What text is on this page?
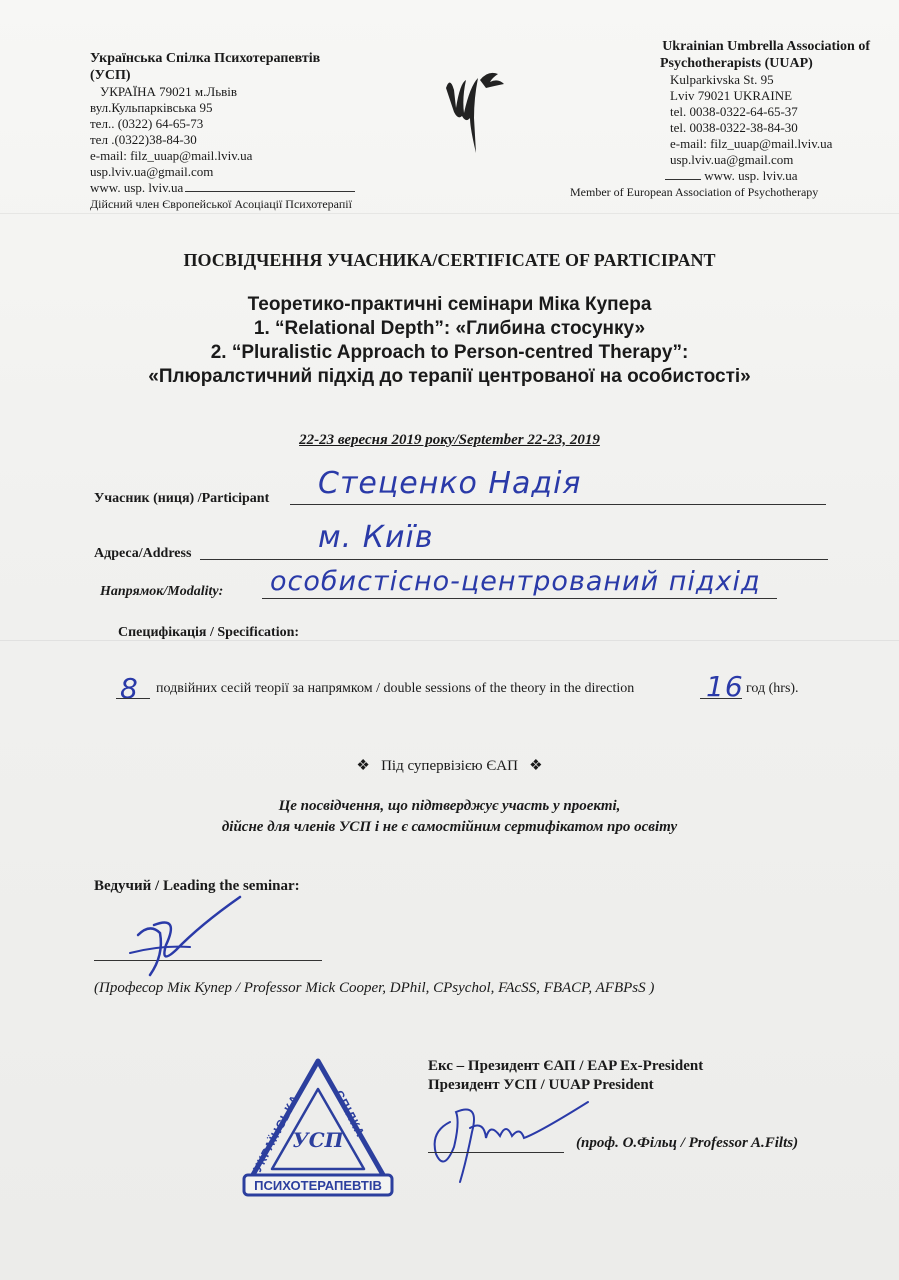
Українська Спілка Психотерапевтів
(УСП)
УКРАЇНА 79021 м.Львів
вул.Кульпарківська 95
тел.. (0322) 64-65-73
тел .(0322)38-84-30
e-mail: filz_uuap@mail.lviv.ua
usp.lviv.ua@gmail.com
www. usp. lviv.ua
Дійсний член Європейської Асоціації Психотерапії
Ukrainian Umbrella Association of
Psychotherapists (UUAP)
Kulparkivska St. 95
Lviv 79021 UKRAINE
tel. 0038-0322-64-65-37
tel. 0038-0322-38-84-30
e-mail: filz_uuap@mail.lviv.ua
usp.lviv.ua@gmail.com
www. usp. lviv.ua
Member of European Association of Psychotherapy
ПОСВІДЧЕННЯ УЧАСНИКА/CERTIFICATE OF PARTICIPANT
Теоретико-практичні семінари Міка Купера
1. “Relational Depth”: «Глибина стосунку»
2. “Pluralistic Approach to Person-centred Therapy”:
«Плюралстичний підхід до терапії центрованої на особистості»
22-23 вересня 2019 року/September 22-23, 2019
Учасник (ниця) /Participant Стеценко Надія
Адреса/Address	м. Київ
Напрямок/Modality: особистісно-центрований підхід
Специфікація / Specification:
8 подвійних сесій теорії за напрямком / double sessions of the theory in the direction	16 год (hrs).
❖ Під супервізією ЄАП ❖
Це посвідчення, що підтверджує участь у проекті,
дійсне для членів УСП і не є самостійним сертифікатом про освіту
Ведучий / Leading the seminar:
(Професор Мік Купер / Professor Mick Cooper, DPhil, CPsychol, FAcSS, FBACP, AFBPsS )
УКРАЇНСЬКА СПІЛКА
ПСИХОТЕРАПЕВТІВ
УСП
Екс – Президент ЄАП / EAP Ex-President
Президент УСП / UUAP President
(проф. О.Фільц / Professor A.Filts)
